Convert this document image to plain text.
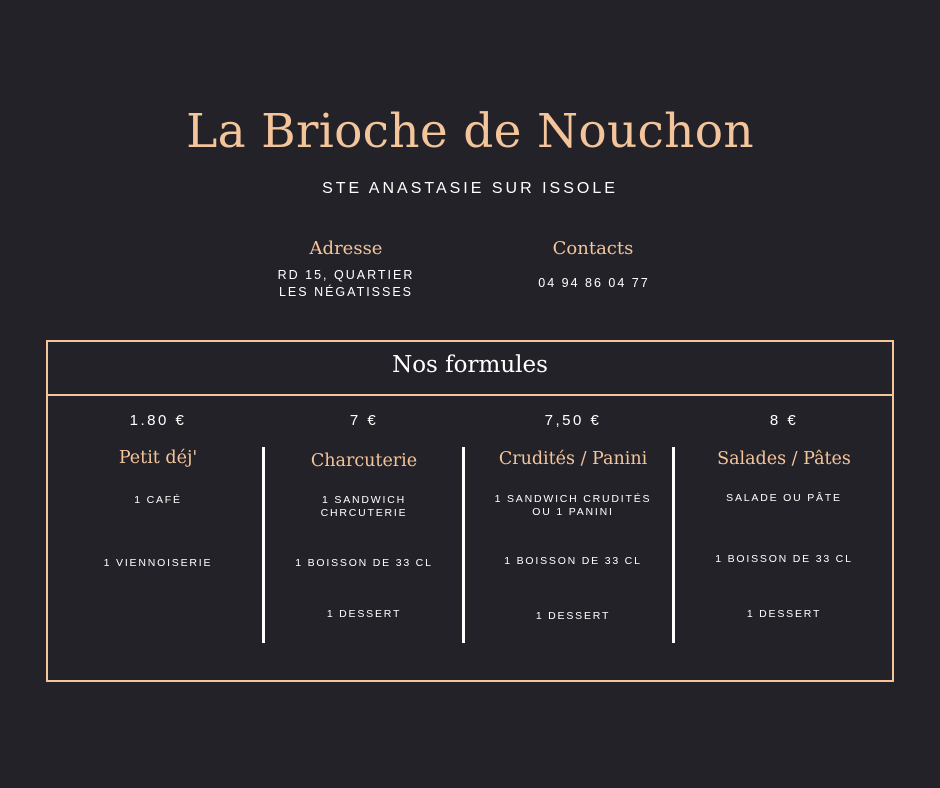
La Brioche de Nouchon
STE ANASTASIE SUR ISSOLE
Adresse
RD 15, QUARTIER
LES NÉGATISSES
Contacts
04 94 86 04 77
Nos formules
1.80 €
Petit déj'
1 CAFÉ
1 VIENNOISERIE
7 €
Charcuterie
1 SANDWICH CHRCUTERIE
1 BOISSON DE 33 CL
1 DESSERT
7,50 €
Crudités / Panini
1 SANDWICH CRUDITÉS OU 1 PANINI
1 BOISSON DE 33 CL
1 DESSERT
8 €
Salades / Pâtes
SALADE OU PÂTE
1 BOISSON DE 33 CL
1 DESSERT
